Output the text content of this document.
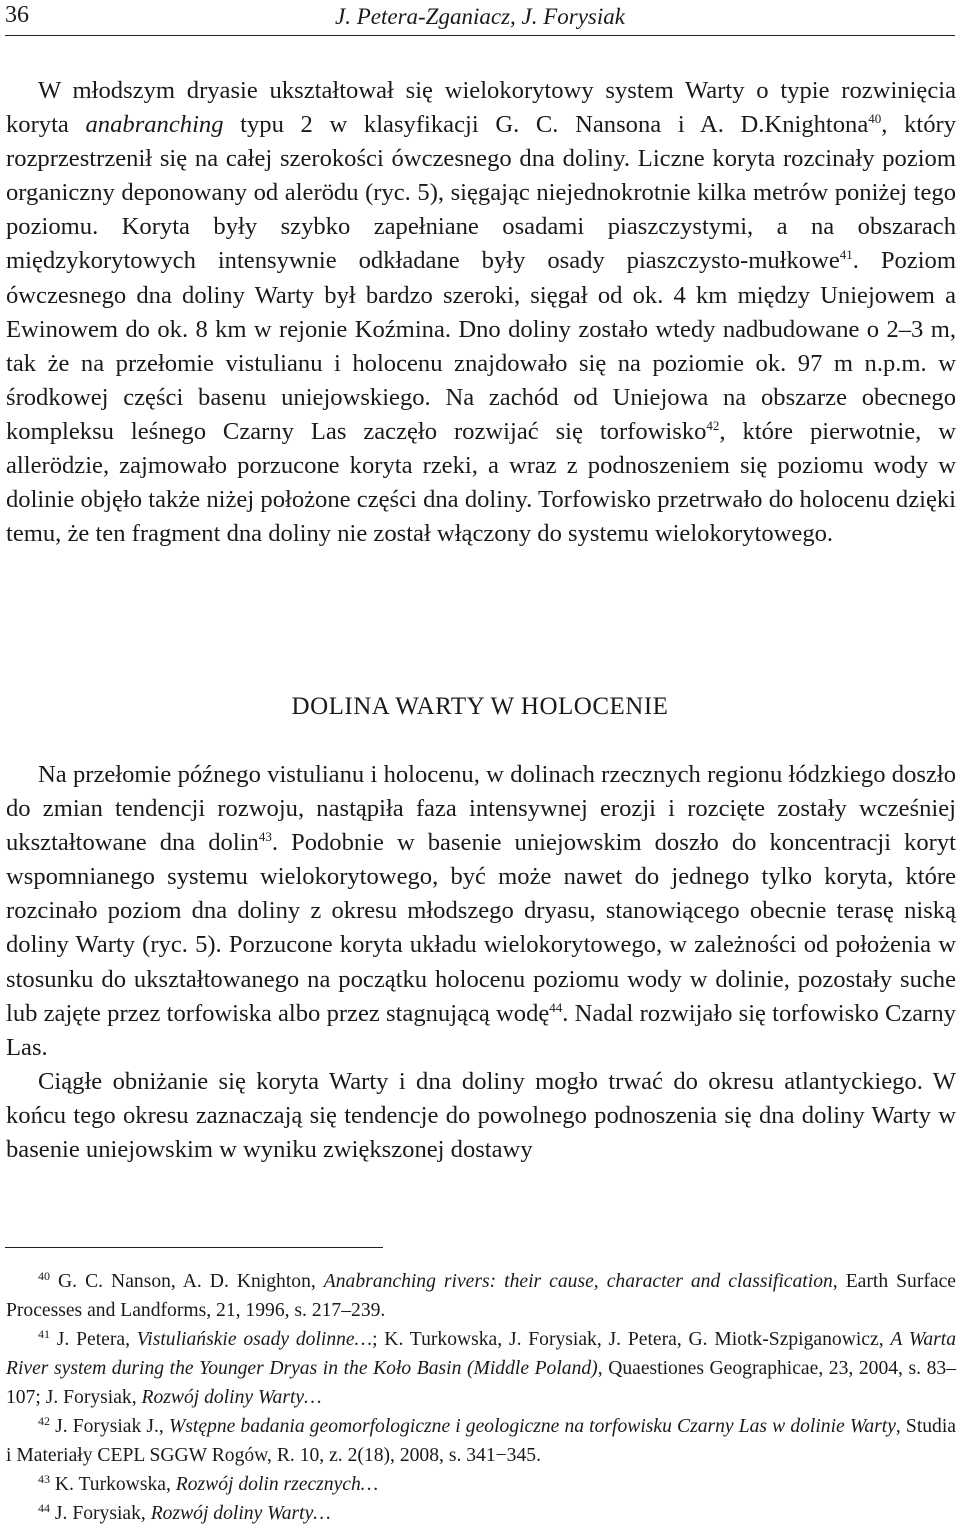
36	J. Petera-Zganiacz, J. Forysiak

W młodszym dryasie ukształtował się wielokorytowy system Warty o typie rozwinięcia koryta anabranching typu 2 w klasyfikacji G. C. Nansona i A. D.Knightona$^{40}$, który rozprzestrzenił się na całej szerokości ówczesnego dna doliny. Liczne koryta rozcinały poziom organiczny deponowany od alerödu (ryc. 5), sięgając niejednokrotnie kilka metrów poniżej tego poziomu. Koryta były szybko zapełniane osadami piaszczystymi, a na obszarach międzykorytowych intensywnie odkładane były osady piaszczysto-mułkowe$^{41}$. Poziom ówczesnego dna doliny Warty był bardzo szeroki, sięgał od ok. 4 km między Uniejowem a Ewinowem do ok. 8 km w rejonie Koźmina. Dno doliny zostało wtedy nadbudowane o 2–3 m, tak że na przełomie vistulianu i holocenu znajdowało się na poziomie ok. 97 m n.p.m. w środkowej części basenu uniejowskiego. Na zachód od Uniejowa na obszarze obecnego kompleksu leśnego Czarny Las zaczęło rozwijać się torfowisko$^{42}$, które pierwotnie, w allerödzie, zajmowało porzucone koryta rzeki, a wraz z podnoszeniem się poziomu wody w dolinie objęło także niżej położone części dna doliny. Torfowisko przetrwało do holocenu dzięki temu, że ten fragment dna doliny nie został włączony do systemu wielokorytowego.

DOLINA WARTY W HOLOCENIE

Na przełomie późnego vistulianu i holocenu, w dolinach rzecznych regionu łódzkiego doszło do zmian tendencji rozwoju, nastąpiła faza intensywnej erozji i rozcięte zostały wcześniej ukształtowane dna dolin$^{43}$. Podobnie w basenie uniejowskim doszło do koncentracji koryt wspomnianego systemu wielokorytowego, być może nawet do jednego tylko koryta, które rozcinało poziom dna doliny z okresu młodszego dryasu, stanowiącego obecnie terasę niską doliny Warty (ryc. 5). Porzucone koryta układu wielokorytowego, w zależności od położenia w stosunku do ukształtowanego na początku holocenu poziomu wody w dolinie, pozostały suche lub zajęte przez torfowiska albo przez stagnującą wodę$^{44}$. Nadal rozwijało się torfowisko Czarny Las.

Ciągłe obniżanie się koryta Warty i dna doliny mogło trwać do okresu atlantyckiego. W końcu tego okresu zaznaczają się tendencje do powolnego podnoszenia się dna doliny Warty w basenie uniejowskim w wyniku zwiększonej dostawy

$^{40}$ G. C. Nanson, A. D. Knighton, Anabranching rivers: their cause, character and classification, Earth Surface Processes and Landforms, 21, 1996, s. 217–239.

$^{41}$ J. Petera, Vistuliańskie osady dolinne…; K. Turkowska, J. Forysiak, J. Petera, G. Miotk-Szpiganowicz, A Warta River system during the Younger Dryas in the Koło Basin (Middle Poland), Quaestiones Geographicae, 23, 2004, s. 83–107; J. Forysiak, Rozwój doliny Warty…

$^{42}$ J. Forysiak J., Wstępne badania geomorfologiczne i geologiczne na torfowisku Czarny Las w dolinie Warty, Studia i Materiały CEPL SGGW Rogów, R. 10, z. 2(18), 2008, s. 341−345.

$^{43}$ K. Turkowska, Rozwój dolin rzecznych…

$^{44}$ J. Forysiak, Rozwój doliny Warty…
